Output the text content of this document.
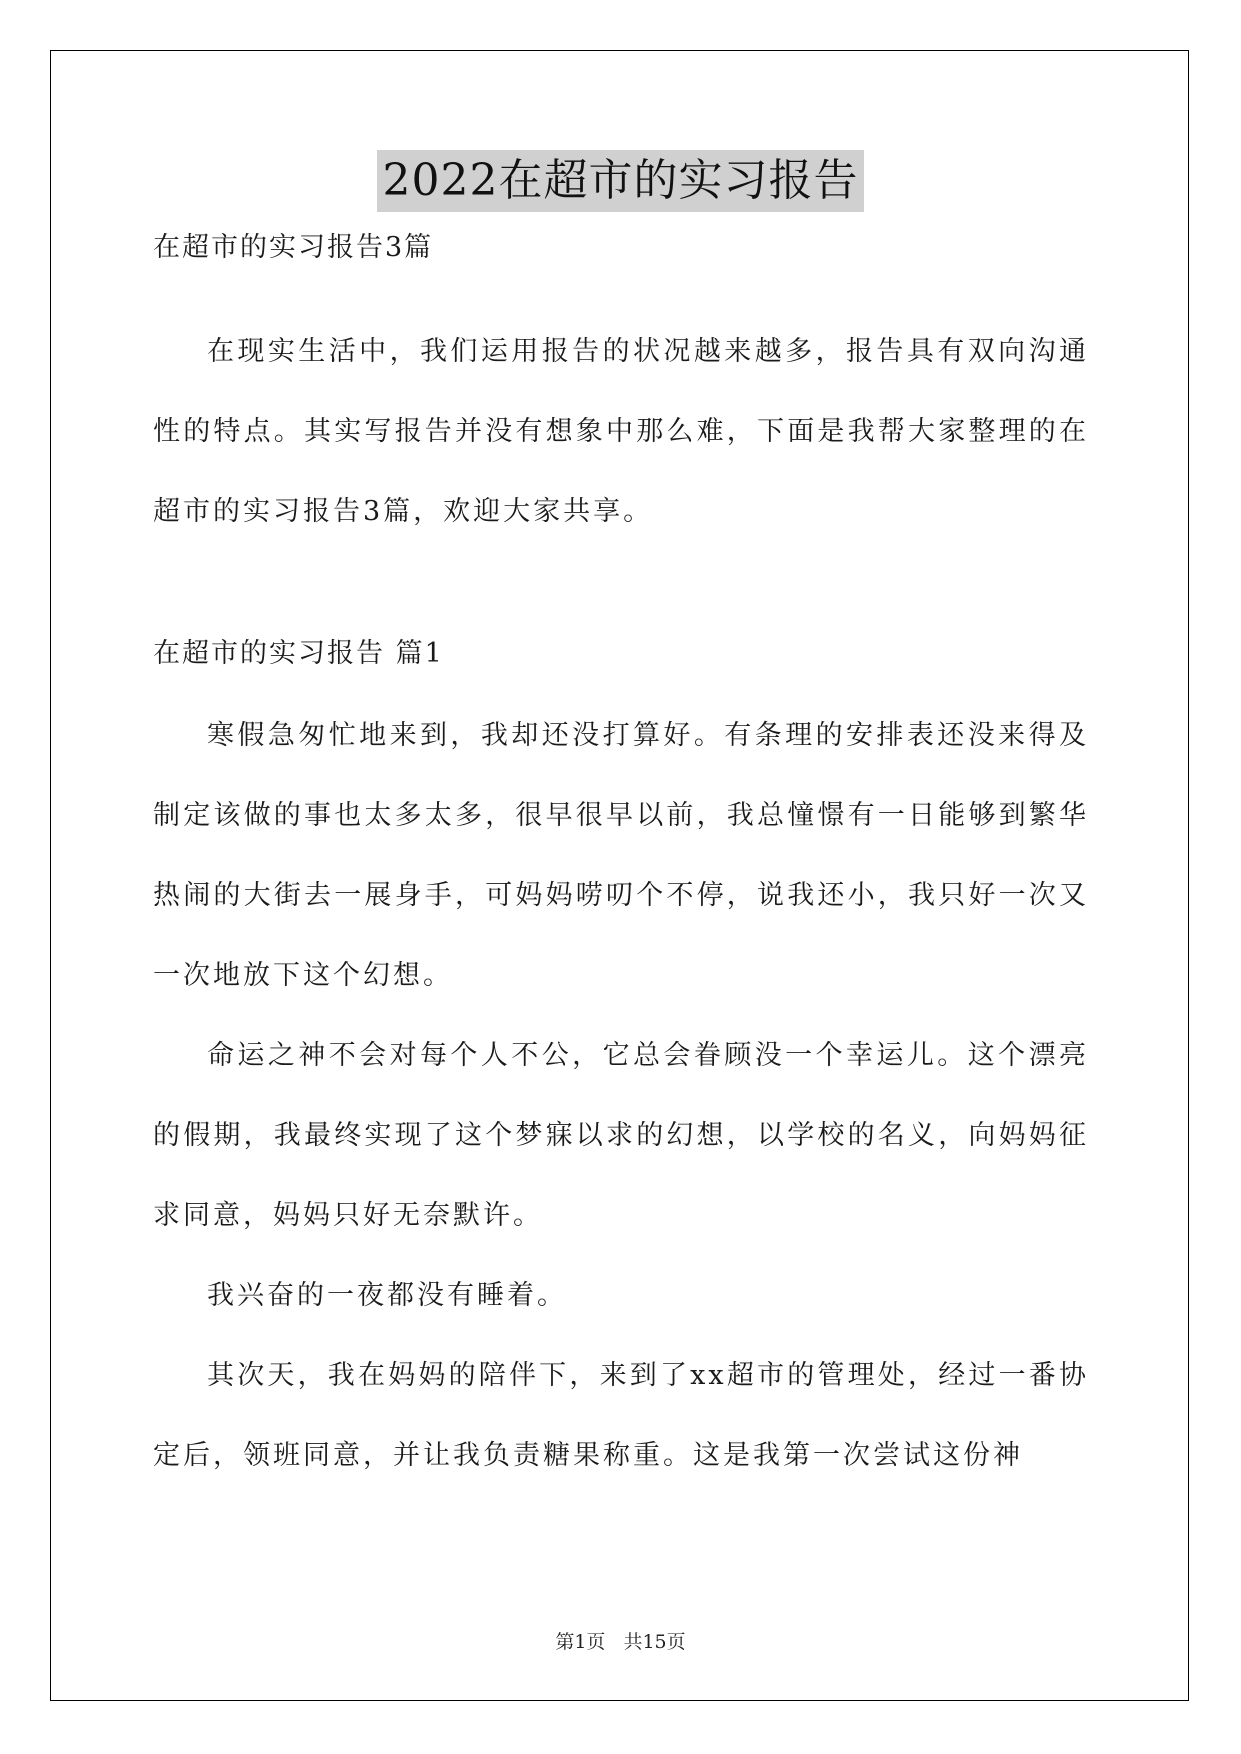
2022在超市的实习报告

在超市的实习报告3篇

在现实生活中，我们运用报告的状况越来越多，报告具有双向沟通性的特点。其实写报告并没有想象中那么难，下面是我帮大家整理的在超市的实习报告3篇，欢迎大家共享。

在超市的实习报告 篇1

寒假急匆忙地来到，我却还没打算好。有条理的安排表还没来得及制定该做的事也太多太多，很早很早以前，我总憧憬有一日能够到繁华热闹的大街去一展身手，可妈妈唠叨个不停，说我还小，我只好一次又一次地放下这个幻想。

命运之神不会对每个人不公，它总会眷顾没一个幸运儿。这个漂亮的假期，我最终实现了这个梦寐以求的幻想，以学校的名义，向妈妈征求同意，妈妈只好无奈默许。

我兴奋的一夜都没有睡着。

其次天，我在妈妈的陪伴下，来到了xx超市的管理处，经过一番协定后，领班同意，并让我负责糖果称重。这是我第一次尝试这份神

第1页 共15页
